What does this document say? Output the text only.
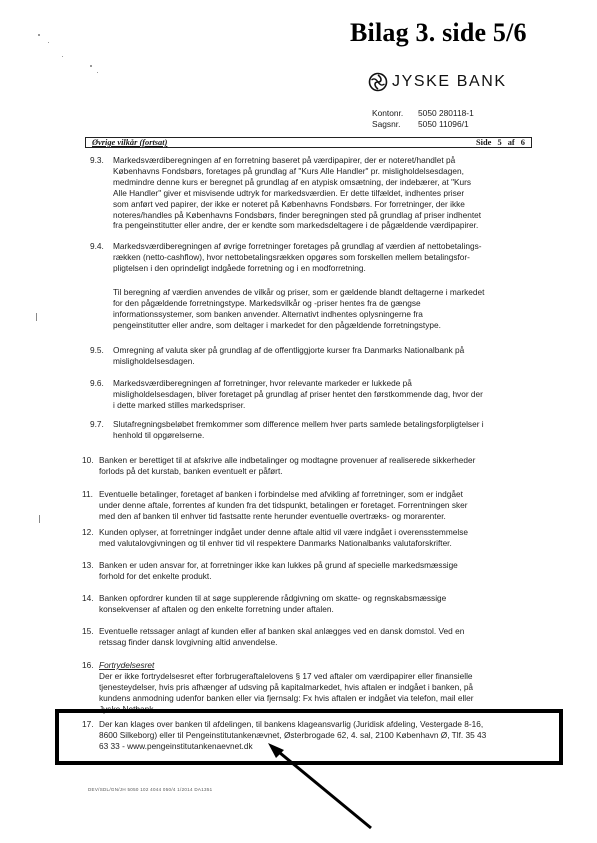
Bilag 3. side 5/6
JYSKE BANK
Kontonr.	5050 280118-1
Sagsnr.	5050 11096/1
Øvrige vilkår (fortsat)	Side 5 af 6
9.3. Markedsværdiberegningen af en forretning baseret på værdipapirer, der er noteret/handlet på

Københavns Fondsbørs, foretages på grundlag af "Kurs Alle Handler" pr. misligholdelsesdagen,

medmindre denne kurs er beregnet på grundlag af en atypisk omsætning, der indebærer, at "Kurs

Alle Handler" giver et misvisende udtryk for markedsværdien. Er dette tilfældet, indhentes priser

som anført ved papirer, der ikke er noteret på Københavns Fondsbørs. For forretninger, der ikke

noteres/handles på Københavns Fondsbørs, finder beregningen sted på grundlag af priser indhentet

fra pengeinstitutter eller andre, der er kendte som markedsdeltagere i de pågældende værdipapirer.

9.4. Markedsværdiberegningen af øvrige forretninger foretages på grundlag af værdien af nettobetalings-

rækken (netto-cashflow), hvor nettobetalingsrækken opgøres som forskellen mellem betalingsfor-

pligtelsen i den oprindeligt indgåede forretning og i en modforretning.

Til beregning af værdien anvendes de vilkår og priser, som er gældende blandt deltagerne i markedet

for den pågældende forretningstype. Markedsvilkår og -priser hentes fra de gængse

informationssystemer, som banken anvender. Alternativt indhentes oplysningerne fra

pengeinstitutter eller andre, som deltager i markedet for den pågældende forretningstype.

9.5. Omregning af valuta sker på grundlag af de offentliggjorte kurser fra Danmarks Nationalbank på

misligholdelsesdagen.

9.6. Markedsværdiberegningen af forretninger, hvor relevante markeder er lukkede på

misligholdelsesdagen, bliver foretaget på grundlag af priser hentet den førstkommende dag, hvor der

i dette marked stilles markedspriser.

9.7. Slutafregningsbeløbet fremkommer som difference mellem hver parts samlede betalingsforpligtelser i

henhold til opgørelserne.

10. Banken er berettiget til at afskrive alle indbetalinger og modtagne provenuer af realiserede sikkerheder

forlods på det kurstab, banken eventuelt er påført.

11. Eventuelle betalinger, foretaget af banken i forbindelse med afvikling af forretninger, som er indgået

under denne aftale, forrentes af kunden fra det tidspunkt, betalingen er foretaget. Forrentningen sker

med den af banken til enhver tid fastsatte rente herunder eventuelle overtræks- og morarenter.

12. Kunden oplyser, at forretninger indgået under denne aftale altid vil være indgået i overensstemmelse

med valutalovgivningen og til enhver tid vil respektere Danmarks Nationalbanks valutaforskrifter.

13. Banken er uden ansvar for, at forretninger ikke kan lukkes på grund af specielle markedsmæssige

forhold for det enkelte produkt.

14. Banken opfordrer kunden til at søge supplerende rådgivning om skatte- og regnskabsmæssige

konsekvenser af aftalen og den enkelte forretning under aftalen.

15. Eventuelle retssager anlagt af kunden eller af banken skal anlægges ved en dansk domstol. Ved en

retssag finder dansk lovgivning altid anvendelse.

16. Fortrydelsesret

Der er ikke fortrydelsesret efter forbrugeraftalelovens § 17 ved aftaler om værdipapirer eller finansielle

tjenesteydelser, hvis pris afhænger af udsving på kapitalmarkedet, hvis aftalen er indgået i banken, på

kundens anmodning udenfor banken eller via fjernsalg: Fx hvis aftalen er indgået via telefon, mail eller

Jyske Netbank.

17. Der kan klages over banken til afdelingen, til bankens klageansvarlig (Juridisk afdeling, Vestergade 8-16,

8600 Silkeborg) eller til Pengeinstitutankenævnet, Østerbrogade 62, 4. sal, 2100 København Ø, Tlf. 35 43

63 33 - www.pengeinstitutankenaevnet.dk

DEV/SDL/GN/JH 5050 102 4044 050/4 1/2014 DA1351
